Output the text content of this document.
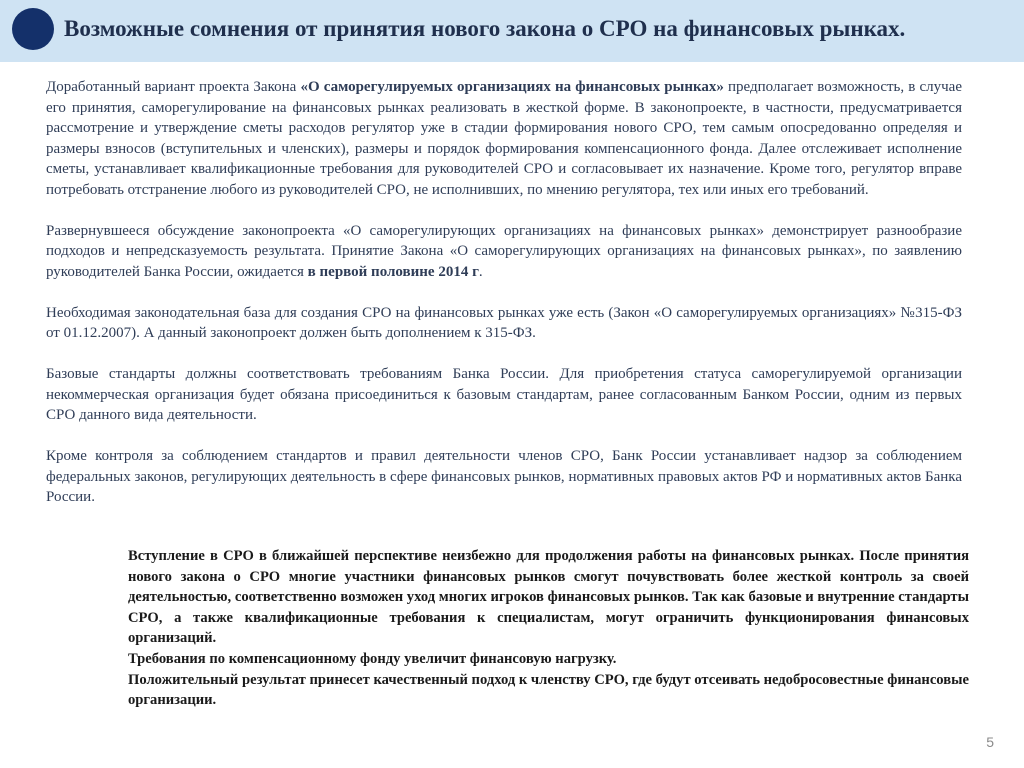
Возможные сомнения от принятия нового закона о СРО на финансовых рынках.

Доработанный вариант проекта Закона «О саморегулируемых организациях на финансовых рынках» предполагает возможность, в случае его принятия, саморегулирование на финансовых рынках реализовать в жесткой форме. В законопроекте, в частности, предусматривается рассмотрение и утверждение сметы расходов регулятор уже в стадии формирования нового СРО, тем самым опосредованно определяя и размеры взносов (вступительных и членских), размеры и порядок формирования компенсационного фонда. Далее отслеживает исполнение сметы, устанавливает квалификационные требования для руководителей СРО и согласовывает их назначение. Кроме того, регулятор вправе потребовать отстранение любого из руководителей СРО, не исполнивших, по мнению регулятора, тех или иных его требований.

Развернувшееся обсуждение законопроекта «О саморегулирующих организациях на финансовых рынках» демонстрирует разнообразие подходов и непредсказуемость результата. Принятие Закона «О саморегулирующих организациях на финансовых рынках», по заявлению руководителей Банка России, ожидается в первой половине 2014 г.

Необходимая законодательная база для создания СРО на финансовых рынках уже есть (Закон «О саморегулируемых организациях» №315-ФЗ от 01.12.2007). А данный законопроект должен быть дополнением к 315-ФЗ.

Базовые стандарты должны соответствовать требованиям Банка России. Для приобретения статуса саморегулируемой организации некоммерческая организация будет обязана присоединиться к базовым стандартам, ранее согласованным Банком России, одним из первых СРО данного вида деятельности.

Кроме контроля за соблюдением стандартов и правил деятельности членов СРО, Банк России устанавливает надзор за соблюдением федеральных законов, регулирующих деятельность в сфере финансовых рынков, нормативных правовых актов РФ и нормативных актов Банка России.

Вступление в СРО в ближайшей перспективе неизбежно для продолжения работы на финансовых рынках. После принятия нового закона о СРО многие участники финансовых рынков смогут почувствовать более жесткой контроль за своей деятельностью, соответственно возможен уход многих игроков финансовых рынков. Так как базовые и внутренние стандарты СРО, а также квалификационные требования к специалистам, могут ограничить функционирования финансовых организаций.

Требования по компенсационному фонду увеличит финансовую нагрузку.

Положительный результат принесет качественный подход к членству СРО, где будут отсеивать недобросовестные финансовые организации.

5
